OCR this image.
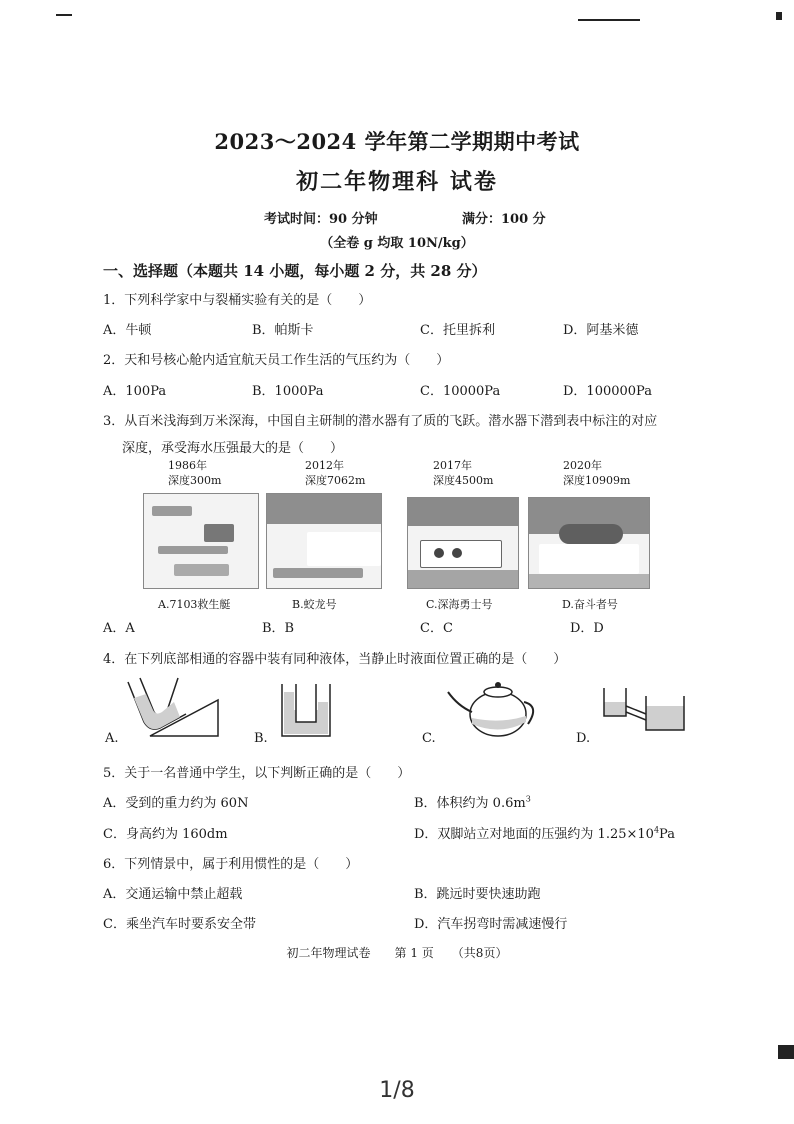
2023～2024 学年第二学期期中考试
初二年物理科 试卷
考试时间：90 分钟	满分：100 分
（全卷 g 均取 10N/kg）
一、选择题（本题共 14 小题，每小题 2 分，共 28 分）
1．下列科学家中与裂桶实验有关的是（　　）
A．牛顿	B．帕斯卡	C．托里拆利	D．阿基米德
2．天和号核心舱内适宜航天员工作生活的气压约为（　　）
A．100Pa	B．1000Pa	C．10000Pa	D．100000Pa
3．从百米浅海到万米深海，中国自主研制的潜水器有了质的飞跃。潜水器下潜到表中标注的对应
深度，承受海水压强最大的是（　　）
1986年
深度300m
2012年
深度7062m
2017年
深度4500m
2020年
深度10909m
A.7103救生艇	B.蛟龙号	C.深海勇士号	D.奋斗者号
A．A	B．B	C．C	D．D
4．在下列底部相通的容器中装有同种液体，当静止时液面位置正确的是（　　）
A.	B.	C.	D.
5．关于一名普通中学生，以下判断正确的是（　　）
A．受到的重力约为 60N	B．体积约为 $0.6m^3$
C．身高约为 160dm	D．双脚站立对地面的压强约为 $1.25\times 10^4Pa$
6．下列情景中，属于利用惯性的是（　　）
A．交通运输中禁止超载	B．跳远时要快速助跑
C．乘坐汽车时要系安全带	D．汽车拐弯时需减速慢行
初二年物理试卷　　第 1 页　　（共8页）
1/8
